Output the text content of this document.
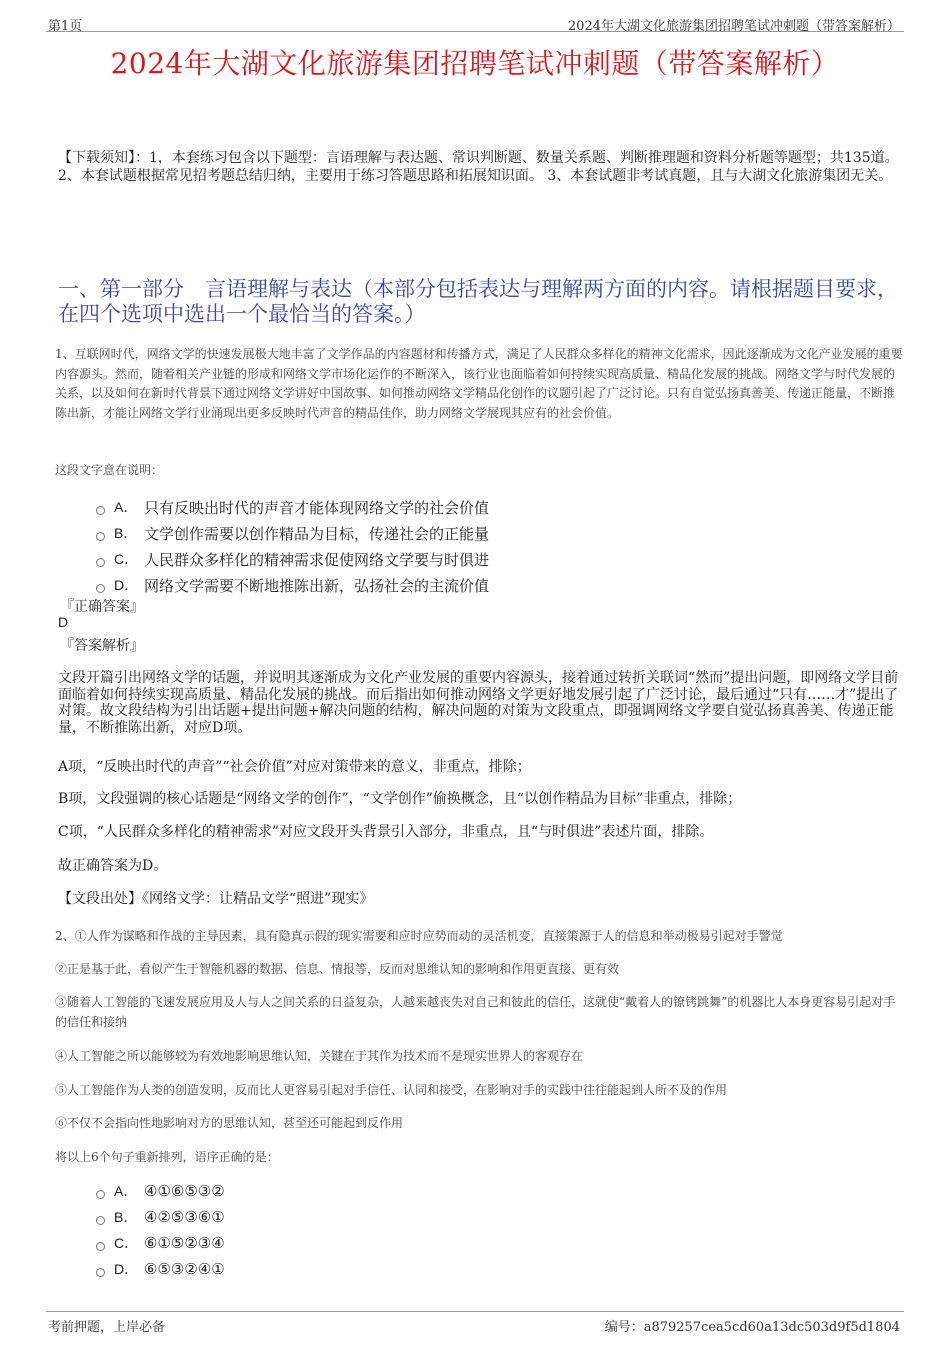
第1页	2024年大湖文化旅游集团招聘笔试冲刺题（带答案解析）
2024年大湖文化旅游集团招聘笔试冲刺题（带答案解析）
【下载须知】：1，本套练习包含以下题型：言语理解与表达题、常识判断题、数量关系题、判断推理题和资料分析题等题型；共135道。 2、本套试题根据常见招考题总结归纳，主要用于练习答题思路和拓展知识面。 3、本套试题非考试真题，且与大湖文化旅游集团无关。
一、第一部分　言语理解与表达（本部分包括表达与理解两方面的内容。请根据题目要求，在四个选项中选出一个最恰当的答案。）
1、互联网时代，网络文学的快速发展极大地丰富了文学作品的内容题材和传播方式，满足了人民群众多样化的精神文化需求，因此逐渐成为文化产业发展的重要内容源头。然而，随着相关产业链的形成和网络文学市场化运作的不断深入，该行业也面临着如何持续实现高质量、精品化发展的挑战。网络文学与时代发展的关系，以及如何在新时代背景下通过网络文学讲好中国故事、如何推动网络文学精品化创作的议题引起了广泛讨论。只有自觉弘扬真善美、传递正能量，不断推陈出新，才能让网络文学行业涌现出更多反映时代声音的精品佳作，助力网络文学展现其应有的社会价值。
这段文字意在说明：
A． 只有反映出时代的声音才能体现网络文学的社会价值
B． 文学创作需要以创作精品为目标，传递社会的正能量
C． 人民群众多样化的精神需求促使网络文学要与时俱进
D． 网络文学需要不断地推陈出新，弘扬社会的主流价值
『正确答案』
D
『答案解析』
文段开篇引出网络文学的话题，并说明其逐渐成为文化产业发展的重要内容源头，接着通过转折关联词“然而”提出问题，即网络文学目前面临着如何持续实现高质量、精品化发展的挑战。而后指出如何推动网络文学更好地发展引起了广泛讨论，最后通过“只有……才”提出了对策。故文段结构为引出话题+提出问题+解决问题的结构，解决问题的对策为文段重点，即强调网络文学要自觉弘扬真善美、传递正能量，不断推陈出新，对应D项。
A项，“反映出时代的声音”“社会价值”对应对策带来的意义，非重点，排除；
B项，文段强调的核心话题是“网络文学的创作”，“文学创作”偷换概念，且“以创作精品为目标”非重点，排除；
C项，“人民群众多样化的精神需求”对应文段开头背景引入部分，非重点，且“与时俱进”表述片面，排除。
故正确答案为D。
【文段出处】《网络文学：让精品文学“照进”现实》
2、①人作为谋略和作战的主导因素，具有隐真示假的现实需要和应时应势而动的灵活机变，直接策源于人的信息和举动极易引起对手警觉
②正是基于此，看似产生于智能机器的数据、信息、情报等，反而对思维认知的影响和作用更直接、更有效
③随着人工智能的飞速发展应用及人与人之间关系的日益复杂，人越来越丧失对自己和彼此的信任，这就使“戴着人的镣铐跳舞”的机器比人本身更容易引起对手的信任和接纳
④人工智能之所以能够较为有效地影响思维认知，关键在于其作为技术而不是现实世界人的客观存在
⑤人工智能作为人类的创造发明，反而比人更容易引起对手信任、认同和接受，在影响对手的实践中往往能起到人所不及的作用
⑥不仅不会指向性地影响对方的思维认知，甚至还可能起到反作用
将以上6个句子重新排列，语序正确的是：
A． ④①⑥⑤③②
B． ④②⑤③⑥①
C． ⑥①⑤②③④
D． ⑥⑤③②④①
考前押题，上岸必备	编号：a879257cea5cd60a13dc503d9f5d1804
